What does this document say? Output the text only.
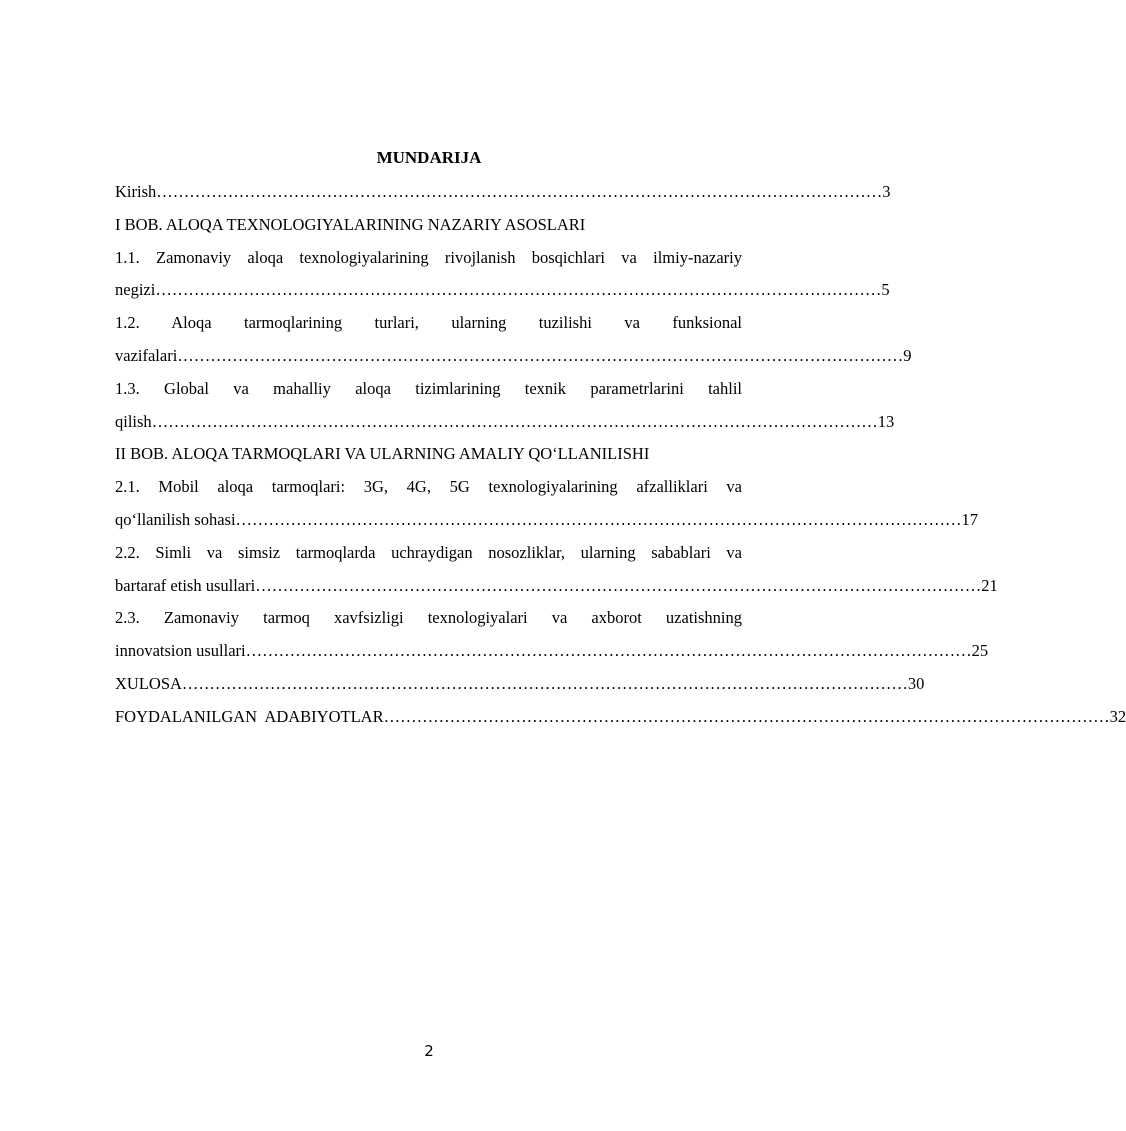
MUNDARIJA
Kirish …………………………………………………………………………………………………………………… 3
I BOB. ALOQA TEXNOLOGIYALARINING NAZARIY ASOSLARI
1.1. Zamonaviy aloqa texnologiyalarining rivojlanish bosqichlari va ilmiy-nazariy
negizi …………………………………………………………………………………………………………………… 5
1.2. Aloqa tarmoqlarining turlari, ularning tuzilishi va funksional
vazifalari …………………………………………………………………………………………………………………… 9
1.3. Global va mahalliy aloqa tizimlarining texnik parametrlarini tahlil
qilish …………………………………………………………………………………………………………………… 13
II BOB. ALOQA TARMOQLARI VA ULARNING AMALIY QO‘LLANILISHI
2.1. Mobil aloqa tarmoqlari: 3G, 4G, 5G texnologiyalarining afzalliklari va
qo‘llanilish sohasi …………………………………………………………………………………………………………………… 17
2.2. Simli va simsiz tarmoqlarda uchraydigan nosozliklar, ularning sabablari va
bartaraf etish usullari …………………………………………………………………………………………………………………… 21
2.3. Zamonaviy tarmoq xavfsizligi texnologiyalari va axborot uzatishning
innovatsion usullari …………………………………………………………………………………………………………………… 25
XULOSA …………………………………………………………………………………………………………………… 30
FOYDALANILGAN  ADABIYOTLAR …………………………………………………………………………………………………………………… 32
2
